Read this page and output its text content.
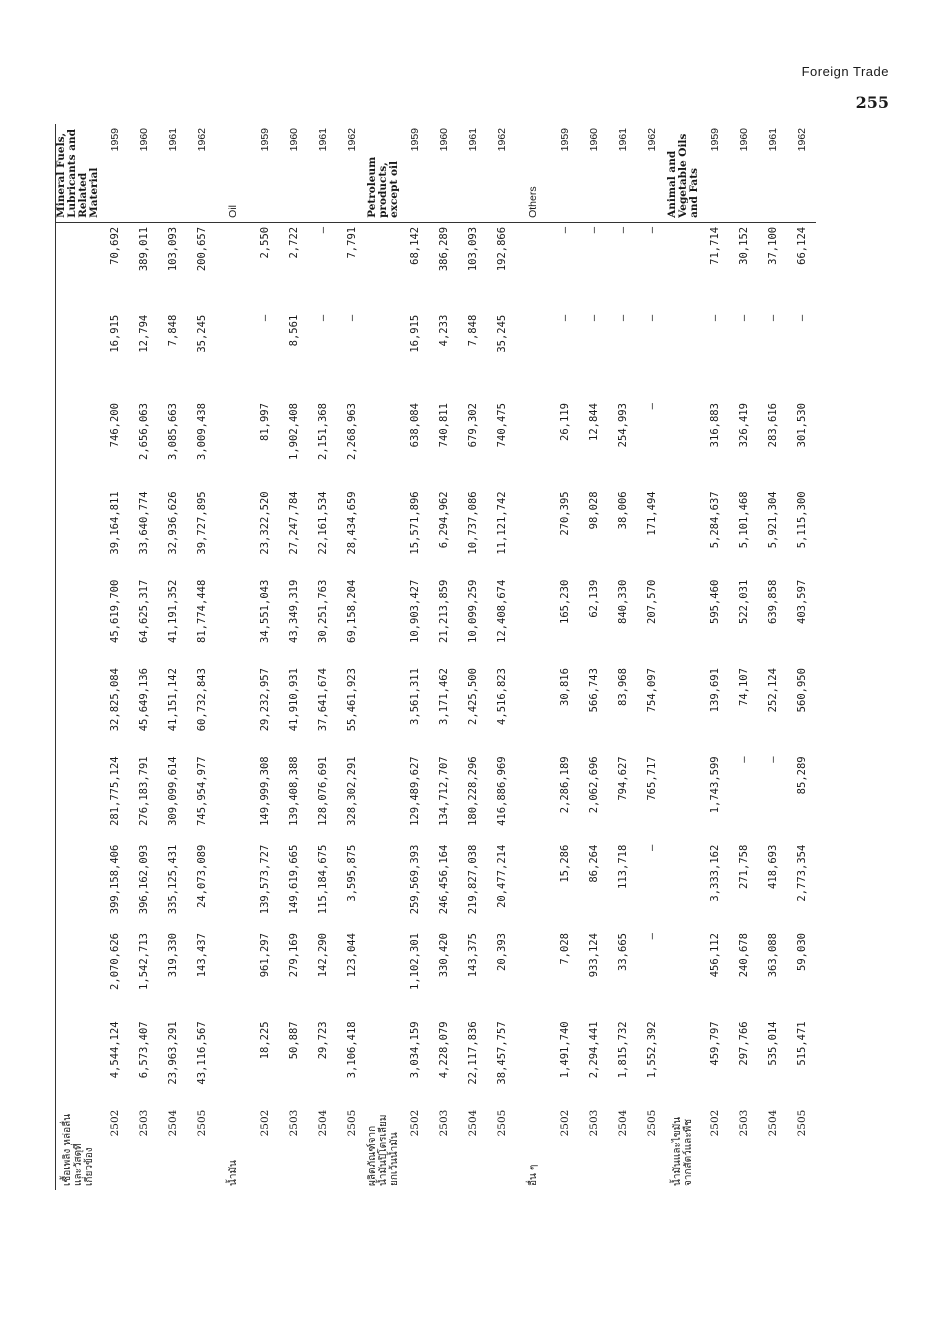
Foreign Trade
255
เชื้อเพลิง หล่อลื่น และวัสดุที่เกี่ยวข้อง											Mineral Fuels, Lubricants and Related Material
2502	4,544,124	2,070,626	399,158,406	281,775,124	32,825,084	45,619,700	39,164,811	746,200	16,915	70,692	1959
2503	6,573,407	1,542,713	396,162,093	276,183,791	45,649,136	64,625,317	33,640,774	2,656,063	12,794	389,011	1960
2504	23,963,291	319,330	335,125,431	309,099,614	41,151,142	41,191,352	32,936,626	3,085,663	7,848	103,093	1961
2505	43,116,567	143,437	24,073,089	745,954,977	60,732,843	81,774,448	39,727,895	3,009,438	35,245	200,657	1962
น้ำมัน											Oil
2502	18,225	961,297	139,573,727	149,999,308	29,232,957	34,551,043	23,322,520	81,997	—	2,550	1959
2503	50,887	279,169	149,619,665	139,408,388	41,910,931	43,349,319	27,247,784	1,902,408	8,561	2,722	1960
2504	29,723	142,290	115,184,675	128,076,691	37,641,674	30,251,763	22,161,534	2,151,368	—	—	1961
2505	3,106,418	123,044	3,595,875	328,302,291	55,461,923	69,158,204	28,434,659	2,268,963	—	7,791	1962
ผลิตภัณฑ์จากน้ำมันปิโตรเลียม ยกเว้นน้ำมัน											Petroleum products, except oil
2502	3,034,159	1,102,301	259,569,393	129,489,627	3,561,311	10,903,427	15,571,896	638,084	16,915	68,142	1959
2503	4,228,079	330,420	246,456,164	134,712,707	3,171,462	21,213,859	6,294,962	740,811	4,233	386,289	1960
2504	22,117,836	143,375	219,827,038	180,228,296	2,425,500	10,099,259	10,737,086	679,302	7,848	103,093	1961
2505	38,457,757	20,393	20,477,214	416,886,969	4,516,823	12,408,674	11,121,742	740,475	35,245	192,866	1962
อื่น ๆ											Others
2502	1,491,740	7,028	15,286	2,286,189	30,816	165,230	270,395	26,119	—	—	1959
2503	2,294,441	933,124	86,264	2,062,696	566,743	62,139	98,028	12,844	—	—	1960
2504	1,815,732	33,665	113,718	794,627	83,968	840,330	38,006	254,993	—	—	1961
2505	1,552,392	—	—	765,717	754,097	207,570	171,494	—	—	—	1962
น้ำมันและไขมันจากสัตว์และพืช											Animal and Vegetable Oils and Fats
2502	459,797	456,112	3,333,162	1,743,599	139,691	595,460	5,284,637	316,883	—	71,714	1959
2503	297,766	240,678	271,758	—	74,107	522,031	5,101,468	326,419	—	30,152	1960
2504	535,014	363,088	418,693	—	252,124	639,858	5,921,304	283,616	—	37,100	1961
2505	515,471	59,030	2,773,354	85,289	560,950	403,597	5,115,300	301,530	—	66,124	1962
